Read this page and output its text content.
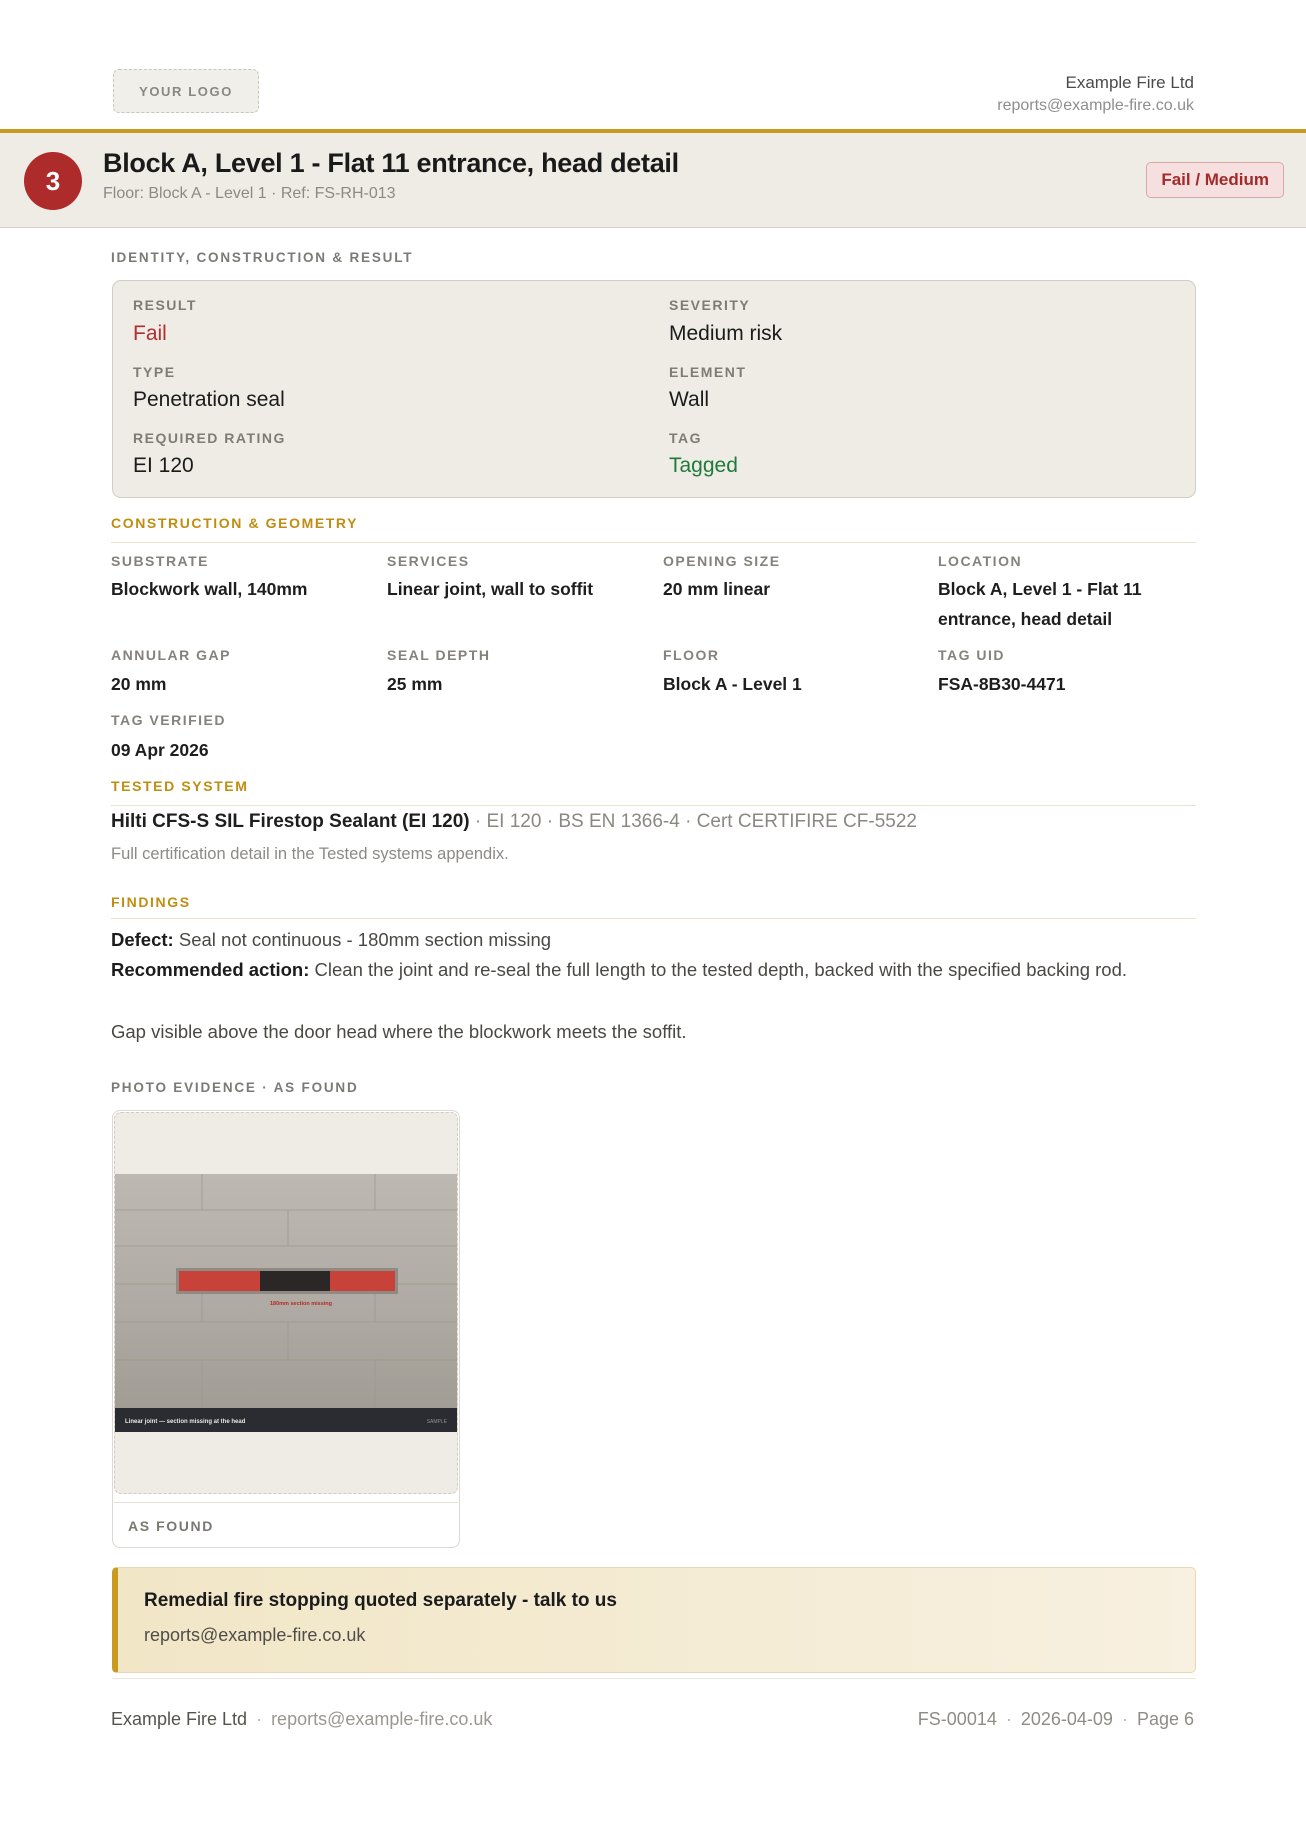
YOUR LOGO	Example Fire Ltd
reports@example-fire.co.uk
3
Block A, Level 1 - Flat 11 entrance, head detail
Floor: Block A - Level 1 · Ref: FS-RH-013
Fail / Medium
IDENTITY, CONSTRUCTION & RESULT
RESULT
Fail
SEVERITY
Medium risk
TYPE
Penetration seal
ELEMENT
Wall
REQUIRED RATING
EI 120
TAG
Tagged
CONSTRUCTION & GEOMETRY
SUBSTRATE
Blockwork wall, 140mm
SERVICES
Linear joint, wall to soffit
OPENING SIZE
20 mm linear
LOCATION
Block A, Level 1 - Flat 11 entrance, head detail
ANNULAR GAP
20 mm
SEAL DEPTH
25 mm
FLOOR
Block A - Level 1
TAG UID
FSA-8B30-4471
TAG VERIFIED
09 Apr 2026
TESTED SYSTEM
Hilti CFS-S SIL Firestop Sealant (EI 120) · EI 120 · BS EN 1366-4 · Cert CERTIFIRE CF-5522
Full certification detail in the Tested systems appendix.
FINDINGS
Defect: Seal not continuous - 180mm section missing
Recommended action: Clean the joint and re-seal the full length to the tested depth, backed with the specified backing rod.
Gap visible above the door head where the blockwork meets the soffit.
PHOTO EVIDENCE · AS FOUND
180mm section missing
Linear joint — section missing at the head	SAMPLE
AS FOUND
Remedial fire stopping quoted separately - talk to us
reports@example-fire.co.uk
Example Fire Ltd · reports@example-fire.co.uk	FS-00014 · 2026-04-09 · Page 6
